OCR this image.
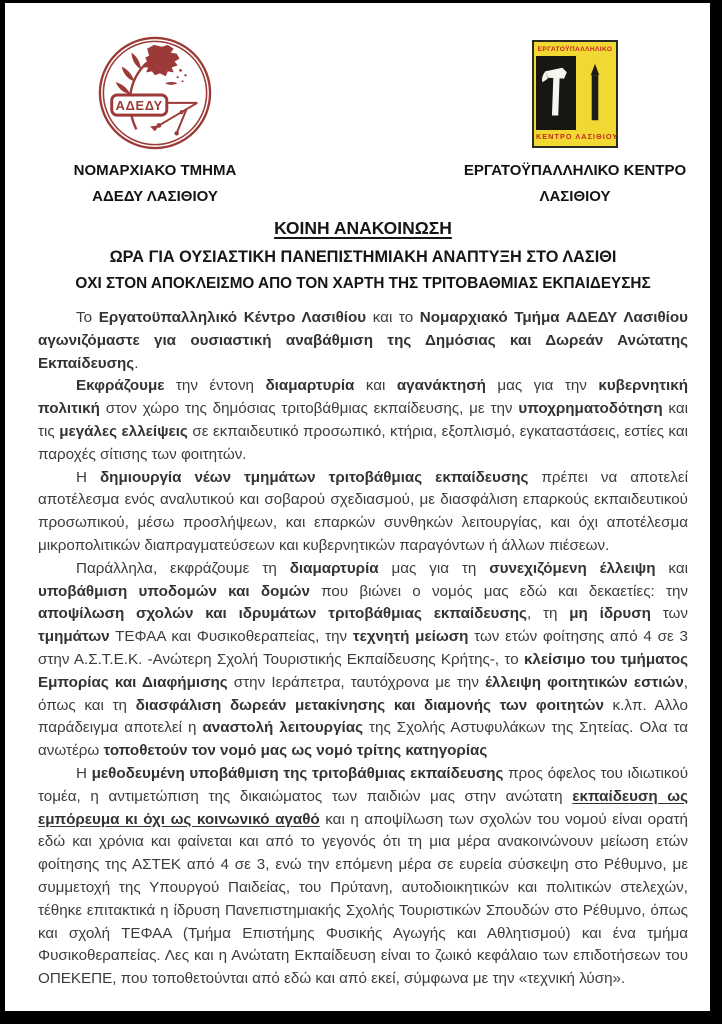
ΑΔΕΔΥ
ΝΟΜΑΡΧΙΑΚΟ ΤΜΗΜΑ
ΑΔΕΔΥ ΛΑΣΙΘΙΟΥ
ΕΡΓΑΤΟΫΠΑΛΛΗΛΙΚΟ
ΚΕΝΤΡΟ ΛΑΣΙΘΙΟΥ
ΕΡΓΑΤΟΫΠΑΛΛΗΛΙΚΟ ΚΕΝΤΡΟ
ΛΑΣΙΘΙΟΥ
ΚΟΙΝΗ ΑΝΑΚΟΙΝΩΣΗ
ΩΡΑ ΓΙΑ ΟΥΣΙΑΣΤΙΚΗ ΠΑΝΕΠΙΣΤΗΜΙΑΚΗ ΑΝΑΠΤΥΞΗ ΣΤΟ ΛΑΣΙΘΙ
ΟΧΙ ΣΤΟΝ ΑΠΟΚΛΕΙΣΜΟ ΑΠΟ ΤΟΝ ΧΑΡΤΗ ΤΗΣ ΤΡΙΤΟΒΑΘΜΙΑΣ ΕΚΠΑΙΔΕΥΣΗΣ

Το Εργατοϋπαλληλικό Κέντρο Λασιθίου και το Νομαρχιακό Τμήμα ΑΔΕΔΥ Λασιθίου αγωνιζόμαστε για ουσιαστική αναβάθμιση της Δημόσιας και Δωρεάν Ανώτατης Εκπαίδευσης.

Εκφράζουμε την έντονη διαμαρτυρία και αγανάκτησή μας για την κυβερνητική πολιτική στον χώρο της δημόσιας τριτοβάθμιας εκπαίδευσης, με την υποχρηματοδότηση και τις μεγάλες ελλείψεις σε εκπαιδευτικό προσωπικό, κτήρια, εξοπλισμό, εγκαταστάσεις, εστίες και παροχές σίτισης των φοιτητών.

Η δημιουργία νέων τμημάτων τριτοβάθμιας εκπαίδευσης πρέπει να αποτελεί αποτέλεσμα ενός αναλυτικού και σοβαρού σχεδιασμού, με διασφάλιση επαρκούς εκπαιδευτικού προσωπικού, μέσω προσλήψεων, και επαρκών συνθηκών λειτουργίας, και όχι αποτέλεσμα μικροπολιτικών διαπραγματεύσεων και κυβερνητικών παραγόντων ή άλλων πιέσεων.

Παράλληλα, εκφράζουμε τη διαμαρτυρία μας για τη συνεχιζόμενη έλλειψη και υποβάθμιση υποδομών και δομών που βιώνει ο νομός μας εδώ και δεκαετίες: την αποψίλωση σχολών και ιδρυμάτων τριτοβάθμιας εκπαίδευσης, τη μη ίδρυση των τμημάτων ΤΕΦΑΑ και Φυσικοθεραπείας, την τεχνητή μείωση των ετών φοίτησης από 4 σε 3 στην Α.Σ.Τ.Ε.Κ. -Ανώτερη Σχολή Τουριστικής Εκπαίδευσης Κρήτης-, το κλείσιμο του τμήματος Εμπορίας και Διαφήμισης στην Ιεράπετρα, ταυτόχρονα με την έλλειψη φοιτητικών εστιών, όπως και τη διασφάλιση δωρεάν μετακίνησης και διαμονής των φοιτητών κ.λπ. Αλλο παράδειγμα αποτελεί η αναστολή λειτουργίας της Σχολής Αστυφυλάκων της Σητείας. Ολα τα ανωτέρω τοποθετούν τον νομό μας ως νομό τρίτης κατηγορίας

Η μεθοδευμένη υποβάθμιση της τριτοβάθμιας εκπαίδευσης προς όφελος του ιδιωτικού τομέα, η αντιμετώπιση της δικαιώματος των παιδιών μας στην ανώτατη εκπαίδευση ως εμπόρευμα κι όχι ως κοινωνικό αγαθό και η αποψίλωση των σχολών του νομού είναι ορατή εδώ και χρόνια και φαίνεται και από το γεγονός ότι τη μια μέρα ανακοινώνουν μείωση ετών φοίτησης της ΑΣΤΕΚ από 4 σε 3, ενώ την επόμενη μέρα σε ευρεία σύσκεψη στο Ρέθυμνο, με συμμετοχή της Υπουργού Παιδείας, του Πρύτανη, αυτοδιοικητικών και πολιτικών στελεχών, τέθηκε επιτακτικά η ίδρυση Πανεπιστημιακής Σχολής Τουριστικών Σπουδών στο Ρέθυμνο, όπως και σχολή ΤΕΦΑΑ (Τμήμα Επιστήμης Φυσικής Αγωγής και Αθλητισμού) και ένα τμήμα Φυσικοθεραπείας. Λες και η Ανώτατη Εκπαίδευση είναι το ζωικό κεφάλαιο των επιδοτήσεων του ΟΠΕΚΕΠΕ, που τοποθετούνται από εδώ και από εκεί, σύμφωνα με την «τεχνική λύση».
